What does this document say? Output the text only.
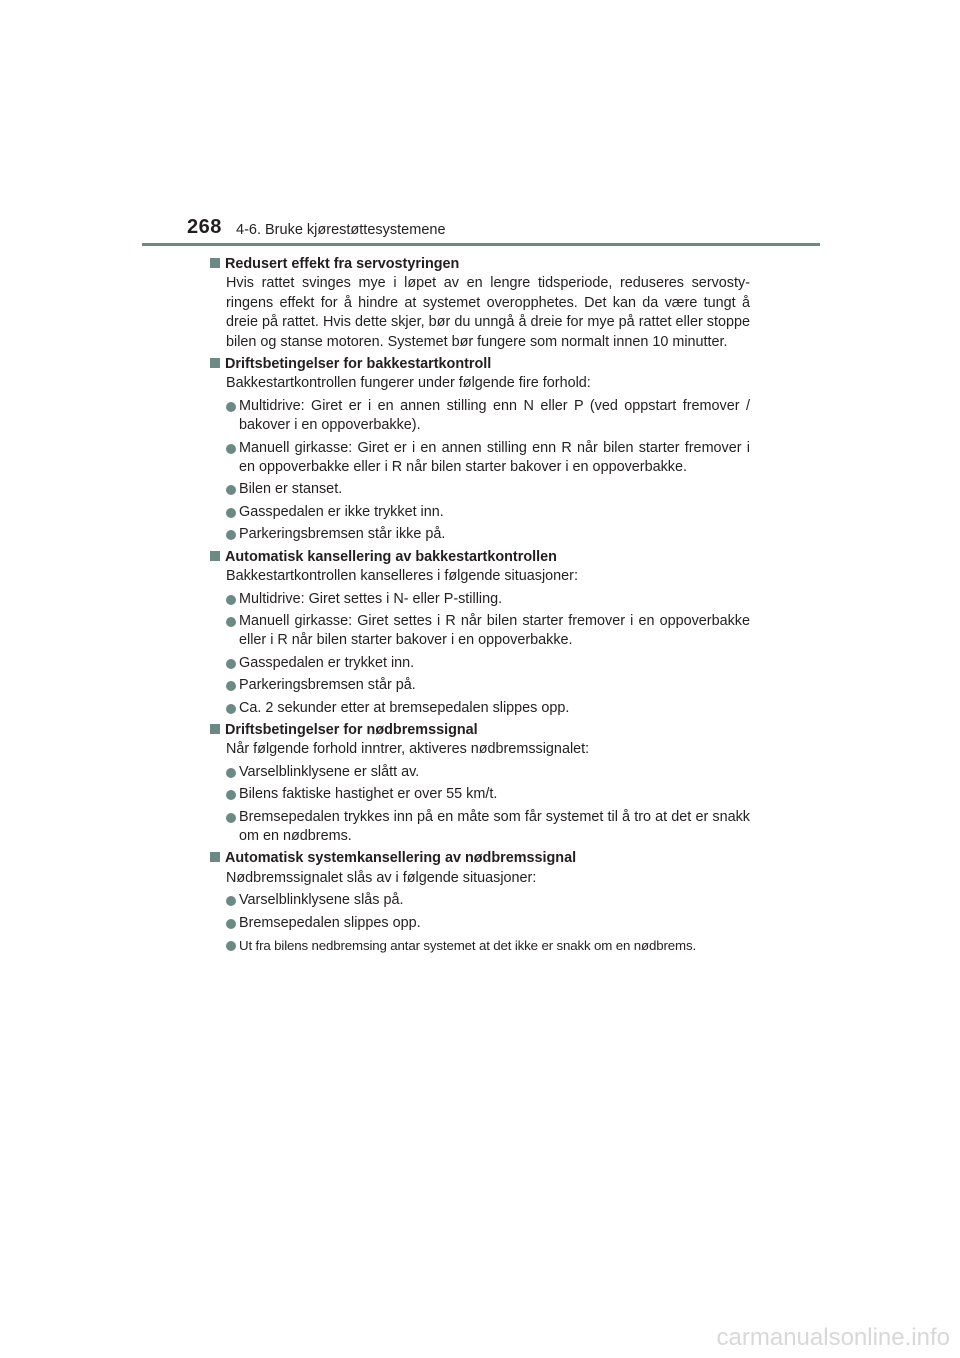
268 4-6. Bruke kjørestøttesystemene
Redusert effekt fra servostyringen
Hvis rattet svinges mye i løpet av en lengre tidsperiode, reduseres servostyringens effekt for å hindre at systemet overopphetes. Det kan da være tungt å dreie på rattet. Hvis dette skjer, bør du unngå å dreie for mye på rattet eller stoppe bilen og stanse motoren. Systemet bør fungere som normalt innen 10 minutter.
Driftsbetingelser for bakkestartkontroll
Bakkestartkontrollen fungerer under følgende fire forhold:
Multidrive: Giret er i en annen stilling enn N eller P (ved oppstart fremover / bakover i en oppoverbakke).
Manuell girkasse: Giret er i en annen stilling enn R når bilen starter fremover i en oppoverbakke eller i R når bilen starter bakover i en oppoverbakke.
Bilen er stanset.
Gasspedalen er ikke trykket inn.
Parkeringsbremsen står ikke på.
Automatisk kansellering av bakkestartkontrollen
Bakkestartkontrollen kanselleres i følgende situasjoner:
Multidrive: Giret settes i N- eller P-stilling.
Manuell girkasse: Giret settes i R når bilen starter fremover i en oppoverbakke eller i R når bilen starter bakover i en oppoverbakke.
Gasspedalen er trykket inn.
Parkeringsbremsen står på.
Ca. 2 sekunder etter at bremsepedalen slippes opp.
Driftsbetingelser for nødbremssignal
Når følgende forhold inntrer, aktiveres nødbremssignalet:
Varselblinklysene er slått av.
Bilens faktiske hastighet er over 55 km/t.
Bremsepedalen trykkes inn på en måte som får systemet til å tro at det er snakk om en nødbrems.
Automatisk systemkansellering av nødbremssignal
Nødbremssignalet slås av i følgende situasjoner:
Varselblinklysene slås på.
Bremsepedalen slippes opp.
Ut fra bilens nedbremsing antar systemet at det ikke er snakk om en nødbrems.
carmanualsonline.info
